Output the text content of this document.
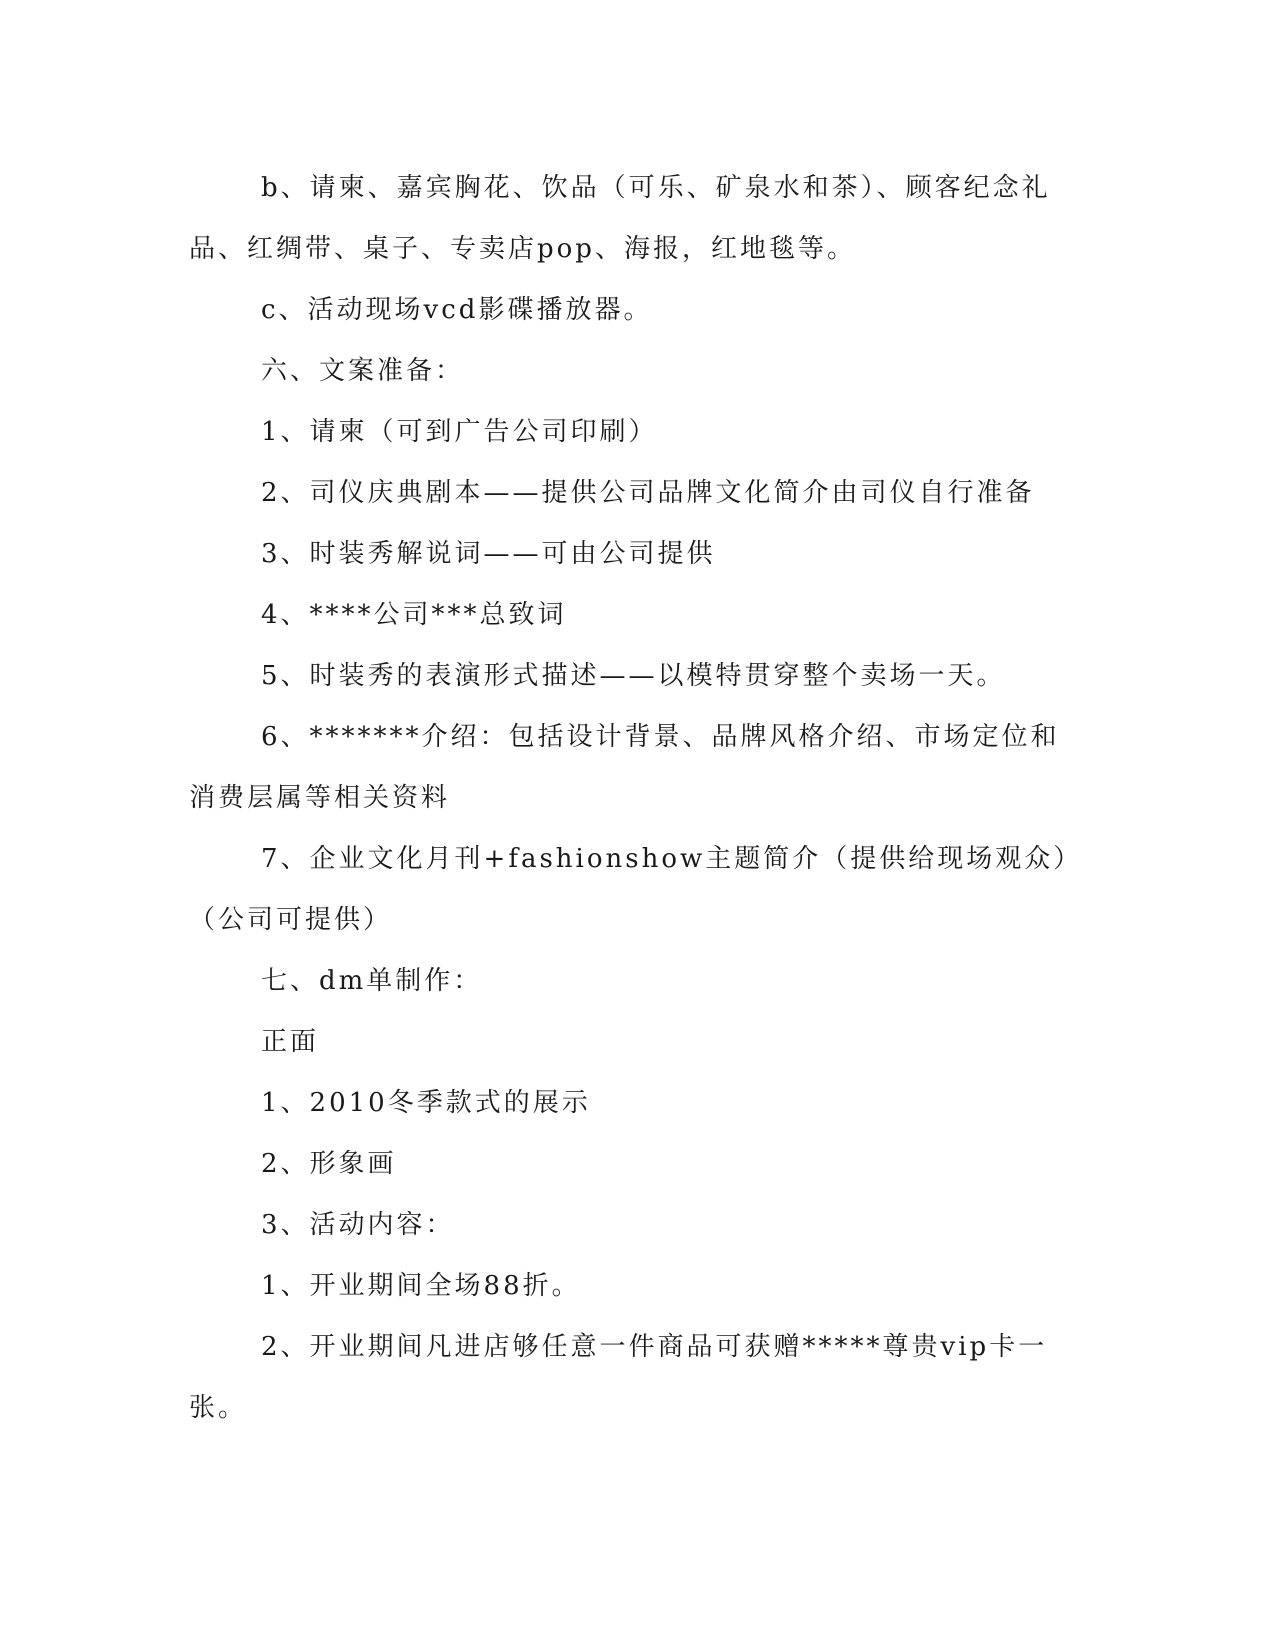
b、请柬、嘉宾胸花、饮品（可乐、矿泉水和茶）、顾客纪念礼品、红绸带、桌子、专卖店pop、海报，红地毯等。

c、活动现场vcd影碟播放器。

六、文案准备：

1、请柬（可到广告公司印刷）

2、司仪庆典剧本——提供公司品牌文化简介由司仪自行准备

3、时装秀解说词——可由公司提供

4、****公司***总致词

5、时装秀的表演形式描述——以模特贯穿整个卖场一天。

6、*******介绍：包括设计背景、品牌风格介绍、市场定位和消费层属等相关资料

7、企业文化月刊+fashionshow主题简介（提供给现场观众）（公司可提供）

七、dm单制作：

正面

1、2010冬季款式的展示

2、形象画

3、活动内容：

1、开业期间全场88折。

2、开业期间凡进店够任意一件商品可获赠*****尊贵vip卡一张。
